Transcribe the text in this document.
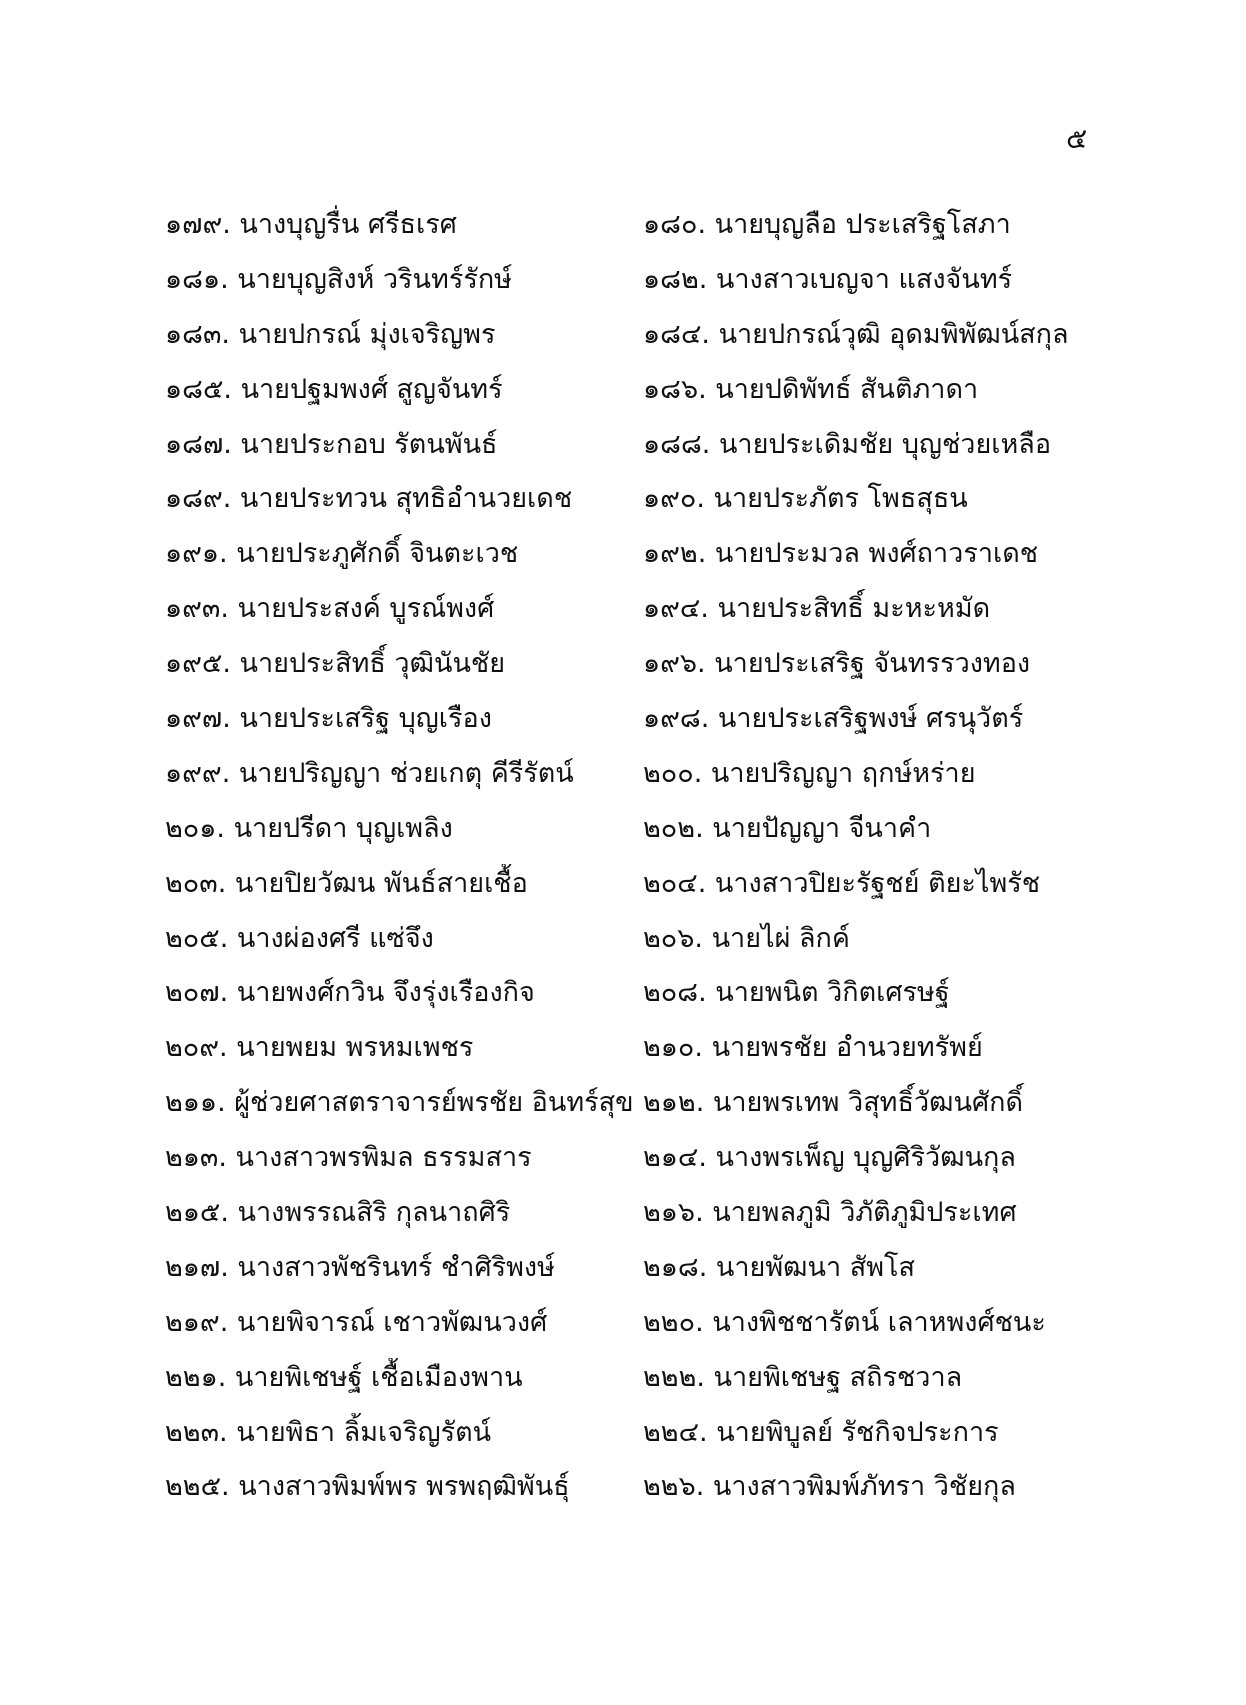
๕
๑๗๙. นางบุญรื่น ศรีธเรศ	๑๘๐. นายบุญลือ ประเสริฐโสภา
๑๘๑. นายบุญสิงห์ วรินทร์รักษ์	๑๘๒. นางสาวเบญจา แสงจันทร์
๑๘๓. นายปกรณ์ มุ่งเจริญพร	๑๘๔. นายปกรณ์วุฒิ อุดมพิพัฒน์สกุล
๑๘๕. นายปฐมพงศ์ สูญจันทร์	๑๘๖. นายปดิพัทธ์ สันติภาดา
๑๘๗. นายประกอบ รัตนพันธ์	๑๘๘. นายประเดิมชัย บุญช่วยเหลือ
๑๘๙. นายประทวน สุทธิอำนวยเดช	๑๙๐. นายประภัตร โพธสุธน
๑๙๑. นายประภูศักดิ์ จินตะเวช	๑๙๒. นายประมวล พงศ์ถาวราเดช
๑๙๓. นายประสงค์ บูรณ์พงศ์	๑๙๔. นายประสิทธิ์ มะหะหมัด
๑๙๕. นายประสิทธิ์ วุฒินันชัย	๑๙๖. นายประเสริฐ จันทรรวงทอง
๑๙๗. นายประเสริฐ บุญเรือง	๑๙๘. นายประเสริฐพงษ์ ศรนุวัตร์
๑๙๙. นายปริญญา ช่วยเกตุ คีรีรัตน์	๒๐๐. นายปริญญา ฤกษ์หร่าย
๒๐๑. นายปรีดา บุญเพลิง	๒๐๒. นายปัญญา จีนาคำ
๒๐๓. นายปิยวัฒน พันธ์สายเชื้อ	๒๐๔. นางสาวปิยะรัฐชย์ ติยะไพรัช
๒๐๕. นางผ่องศรี แซ่จึง	๒๐๖. นายไผ่ ลิกค์
๒๐๗. นายพงศ์กวิน จึงรุ่งเรืองกิจ	๒๐๘. นายพนิต วิกิตเศรษฐ์
๒๐๙. นายพยม พรหมเพชร	๒๑๐. นายพรชัย อำนวยทรัพย์
๒๑๑. ผู้ช่วยศาสตราจารย์พรชัย อินทร์สุข ๒๑๒. นายพรเทพ วิสุทธิ์วัฒนศักดิ์
๒๑๓. นางสาวพรพิมล ธรรมสาร	๒๑๔. นางพรเพ็ญ บุญศิริวัฒนกุล
๒๑๕. นางพรรณสิริ กุลนาถศิริ	๒๑๖. นายพลภูมิ วิภัติภูมิประเทศ
๒๑๗. นางสาวพัชรินทร์ ชำศิริพงษ์	๒๑๘. นายพัฒนา สัพโส
๒๑๙. นายพิจารณ์ เชาวพัฒนวงศ์	๒๒๐. นางพิชชารัตน์ เลาหพงศ์ชนะ
๒๒๑. นายพิเชษฐ์ เชื้อเมืองพาน	๒๒๒. นายพิเชษฐ สถิรชวาล
๒๒๓. นายพิธา ลิ้มเจริญรัตน์	๒๒๔. นายพิบูลย์ รัชกิจประการ
๒๒๕. นางสาวพิมพ์พร พรพฤฒิพันธุ์	๒๒๖. นางสาวพิมพ์ภัทรา วิชัยกุล
